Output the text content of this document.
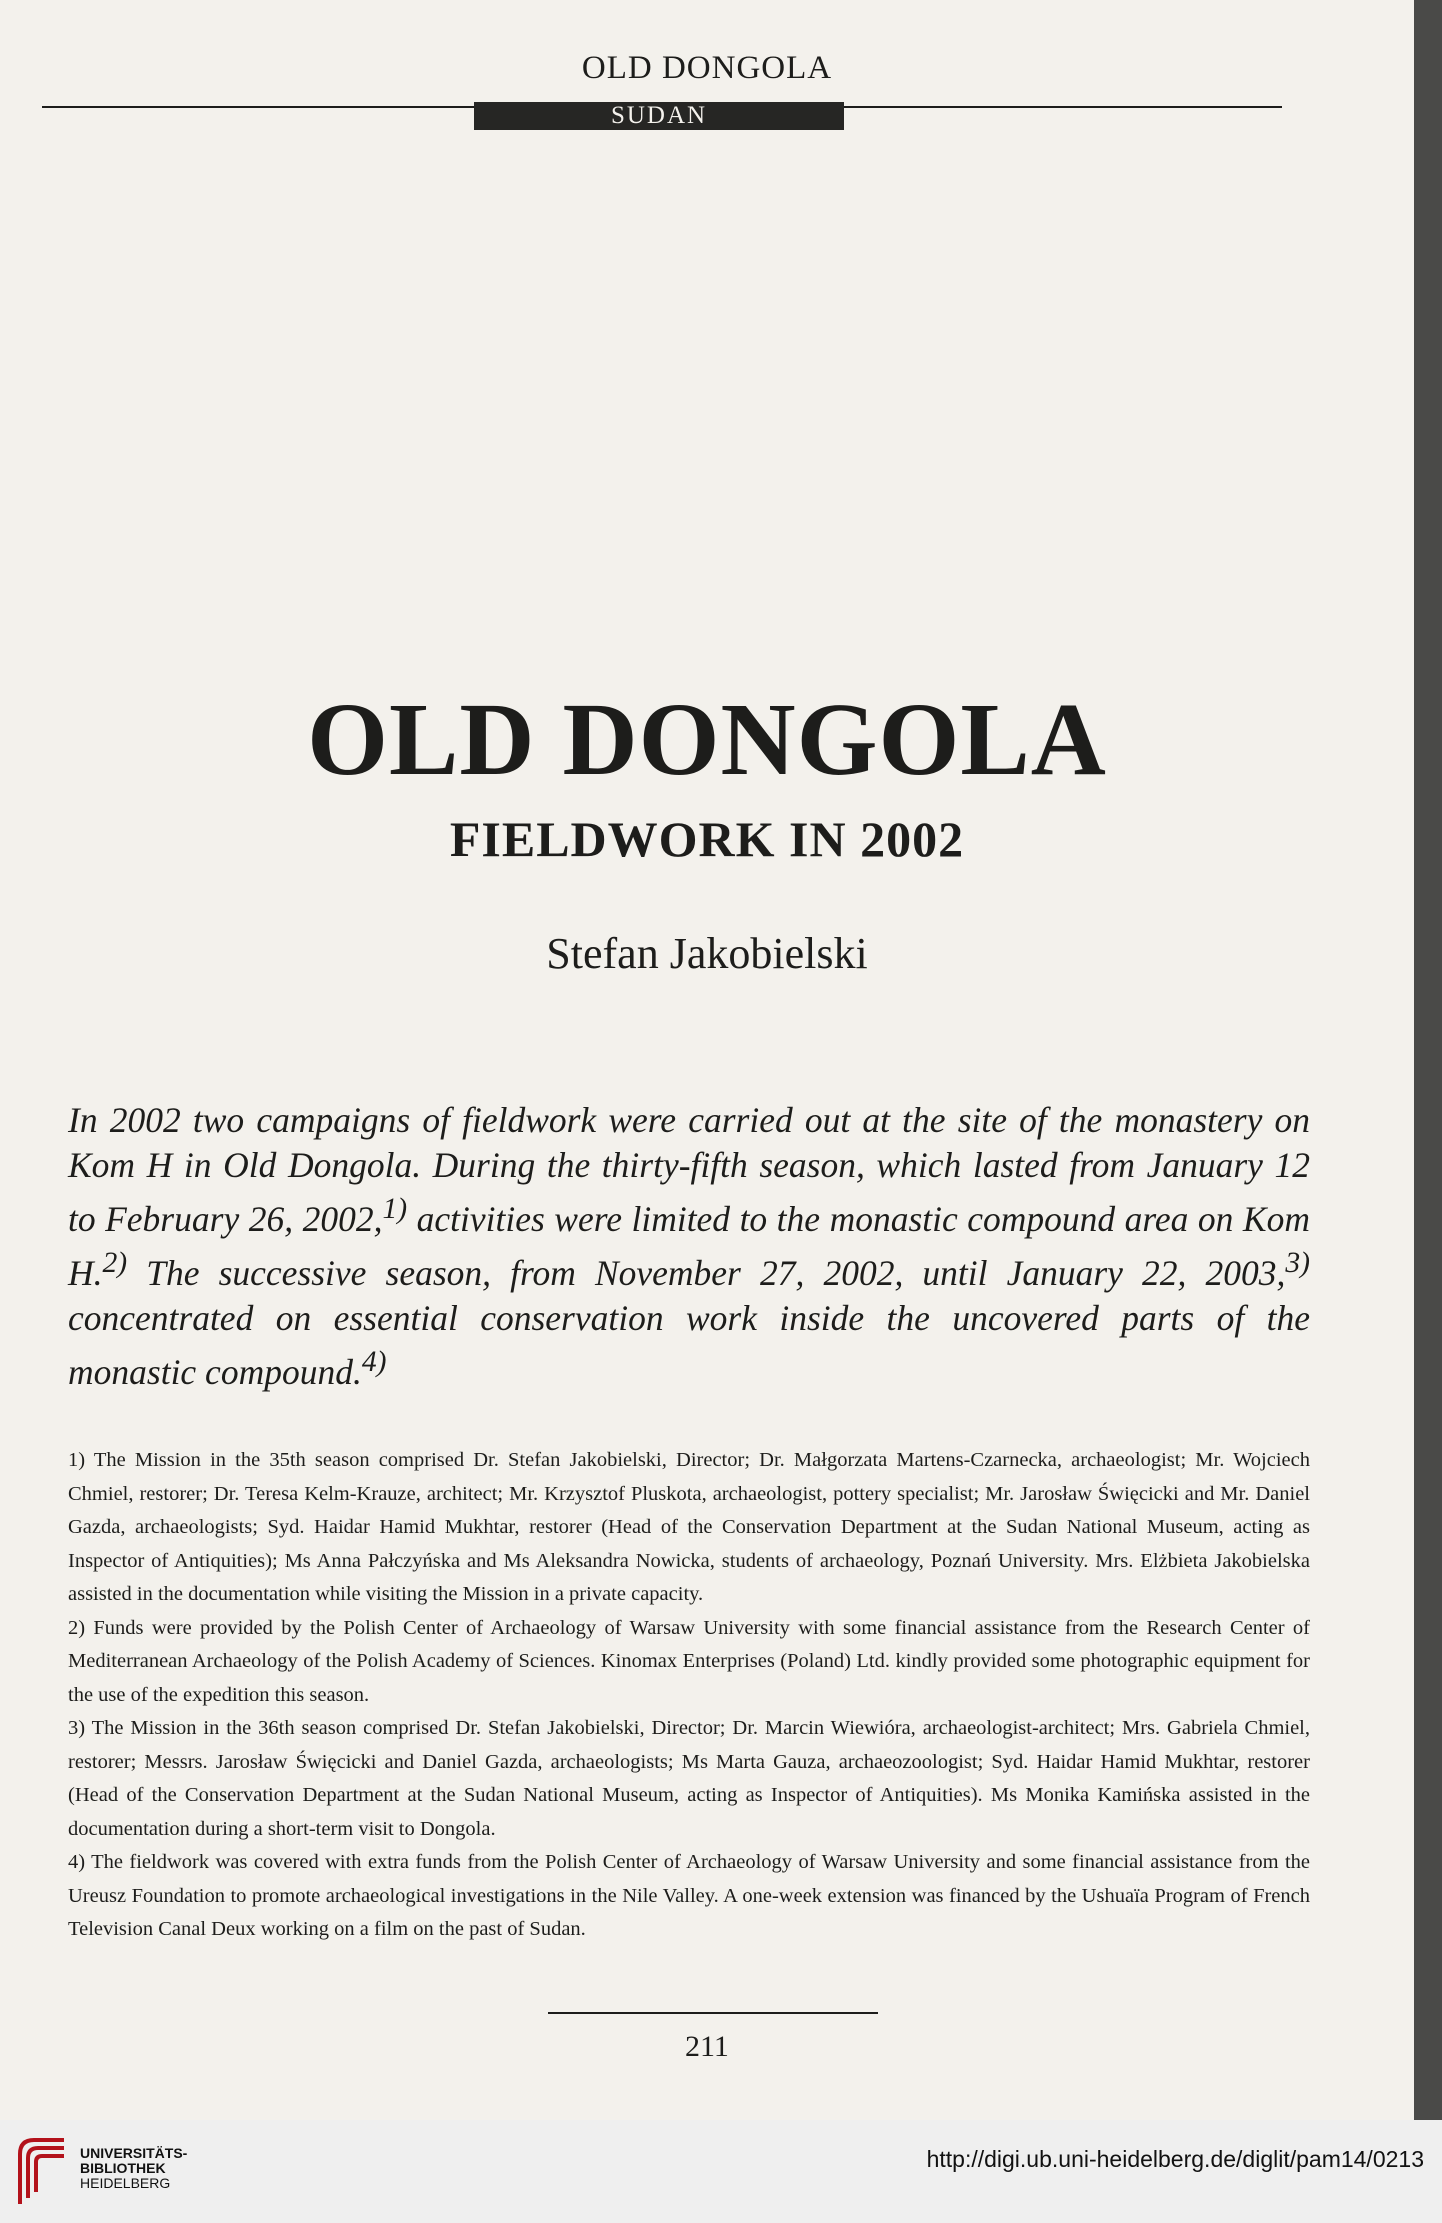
OLD DONGOLA
SUDAN
OLD DONGOLA
FIELDWORK IN 2002
Stefan Jakobielski

In 2002 two campaigns of fieldwork were carried out at the site of the monastery on Kom H in Old Dongola. During the thirty-fifth season, which lasted from January 12 to February 26, 2002,$^{1)}$ activities were limited to the monastic compound area on Kom H.$^{2)}$ The successive season, from November 27, 2002, until January 22, 2003,$^{3)}$ concentrated on essential conservation work inside the uncovered parts of the monastic compound.$^{4)}$

1) The Mission in the 35th season comprised Dr. Stefan Jakobielski, Director; Dr. Małgorzata Martens-Czarnecka, archaeologist; Mr. Wojciech Chmiel, restorer; Dr. Teresa Kelm-Krauze, architect; Mr. Krzysztof Pluskota, archaeologist, pottery specialist; Mr. Jarosław Święcicki and Mr. Daniel Gazda, archaeologists; Syd. Haidar Hamid Mukhtar, restorer (Head of the Conservation Department at the Sudan National Museum, acting as Inspector of Antiquities); Ms Anna Pałczyńska and Ms Aleksandra Nowicka, students of archaeology, Poznań University. Mrs. Elżbieta Jakobielska assisted in the documentation while visiting the Mission in a private capacity.

2) Funds were provided by the Polish Center of Archaeology of Warsaw University with some financial assistance from the Research Center of Mediterranean Archaeology of the Polish Academy of Sciences. Kinomax Enterprises (Poland) Ltd. kindly provided some photographic equipment for the use of the expedition this season.

3) The Mission in the 36th season comprised Dr. Stefan Jakobielski, Director; Dr. Marcin Wiewióra, archaeologist-architect; Mrs. Gabriela Chmiel, restorer; Messrs. Jarosław Święcicki and Daniel Gazda, archaeologists; Ms Marta Gauza, archaeozoologist; Syd. Haidar Hamid Mukhtar, restorer (Head of the Conservation Department at the Sudan National Museum, acting as Inspector of Antiquities). Ms Monika Kamińska assisted in the documentation during a short-term visit to Dongola.

4) The fieldwork was covered with extra funds from the Polish Center of Archaeology of Warsaw University and some financial assistance from the Ureusz Foundation to promote archaeological investigations in the Nile Valley. A one-week extension was financed by the Ushuaïa Program of French Television Canal Deux working on a film on the past of Sudan.

211
UNIVERSITÄTS-
BIBLIOTHEK
HEIDELBERG
http://digi.ub.uni-heidelberg.de/diglit/pam14/0213
